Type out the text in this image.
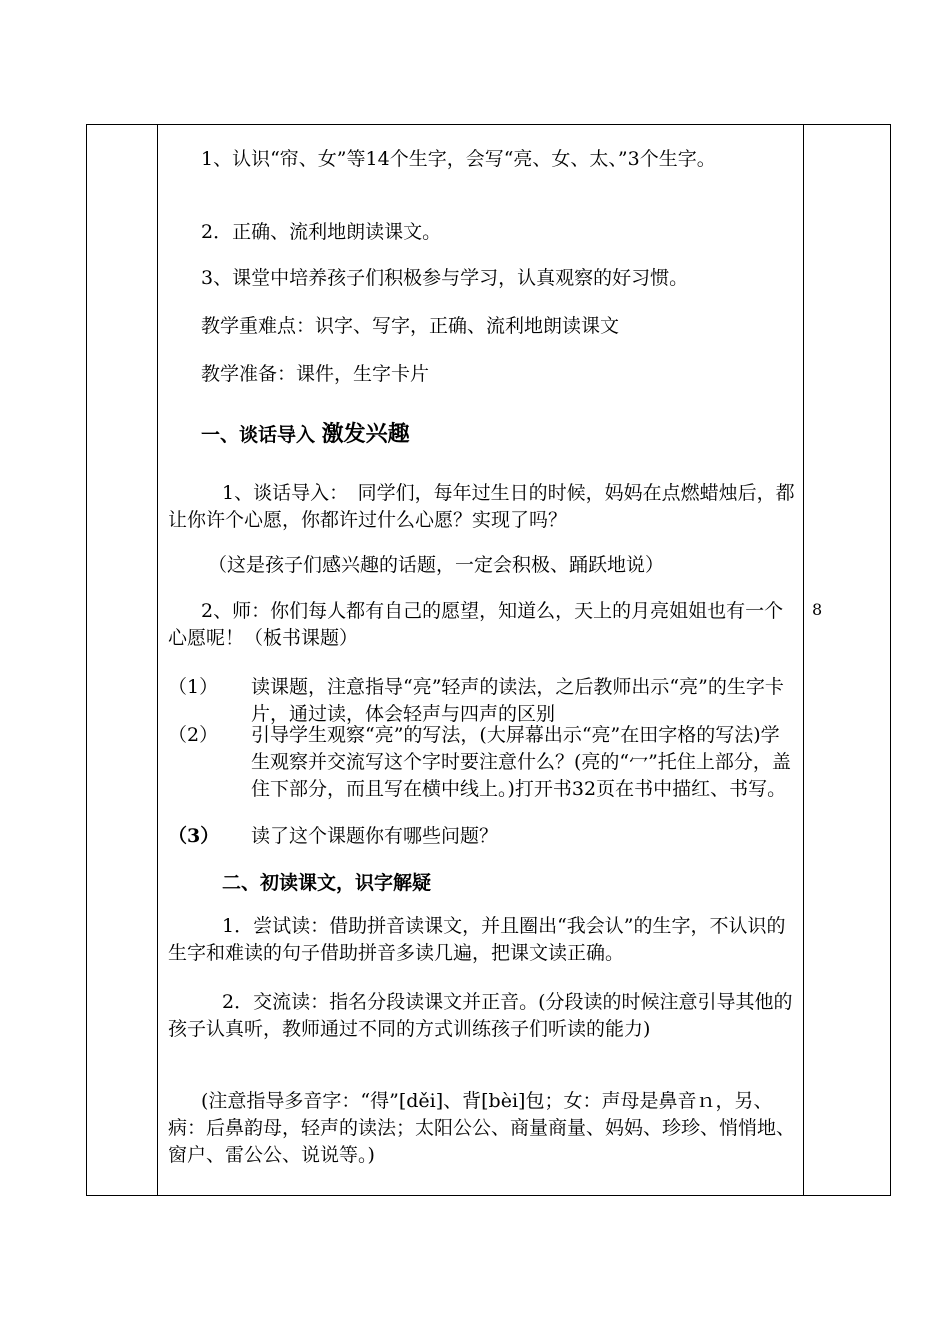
1、认识“帘、女”等14个生字，会写“亮、女、太、”3个生字。

2．正确、流利地朗读课文。

3、课堂中培养孩子们积极参与学习，认真观察的好习惯。

教学重难点：识字、写字，正确、流利地朗读课文

教学准备：课件，生字卡片

一、谈话导入 激发兴趣

1、谈话导入：　同学们，每年过生日的时候，妈妈在点燃蜡烛后，都让你许个心愿，你都许过什么心愿？实现了吗？

（这是孩子们感兴趣的话题，一定会积极、踊跃地说）

2、师：你们每人都有自己的愿望，知道么，天上的月亮姐姐也有一个心愿呢！（板书课题）

（1）	读课题，注意指导“亮”轻声的读法，之后教师出示“亮”的生字卡片，通过读，体会轻声与四声的区别

（2）	引导学生观察“亮”的写法，(大屏幕出示“亮”在田字格的写法)学生观察并交流写这个字时要注意什么？(亮的“冖”托住上部分，盖住下部分，而且写在横中线上。)打开书32页在书中描红、书写。

（3）	读了这个课题你有哪些问题？

二、初读课文，识字解疑

1．尝试读：借助拼音读课文，并且圈出“我会认”的生字，不认识的生字和难读的句子借助拼音多读几遍，把课文读正确。

2．交流读：指名分段读课文并正音。(分段读的时候注意引导其他的孩子认真听，教师通过不同的方式训练孩子们听读的能力)

(注意指导多音字：“得”[děi]、背[bèi]包；女：声母是鼻音ｎ，另、病：后鼻韵母，轻声的读法；太阳公公、商量商量、妈妈、珍珍、悄悄地、窗户、雷公公、说说等。)

8
